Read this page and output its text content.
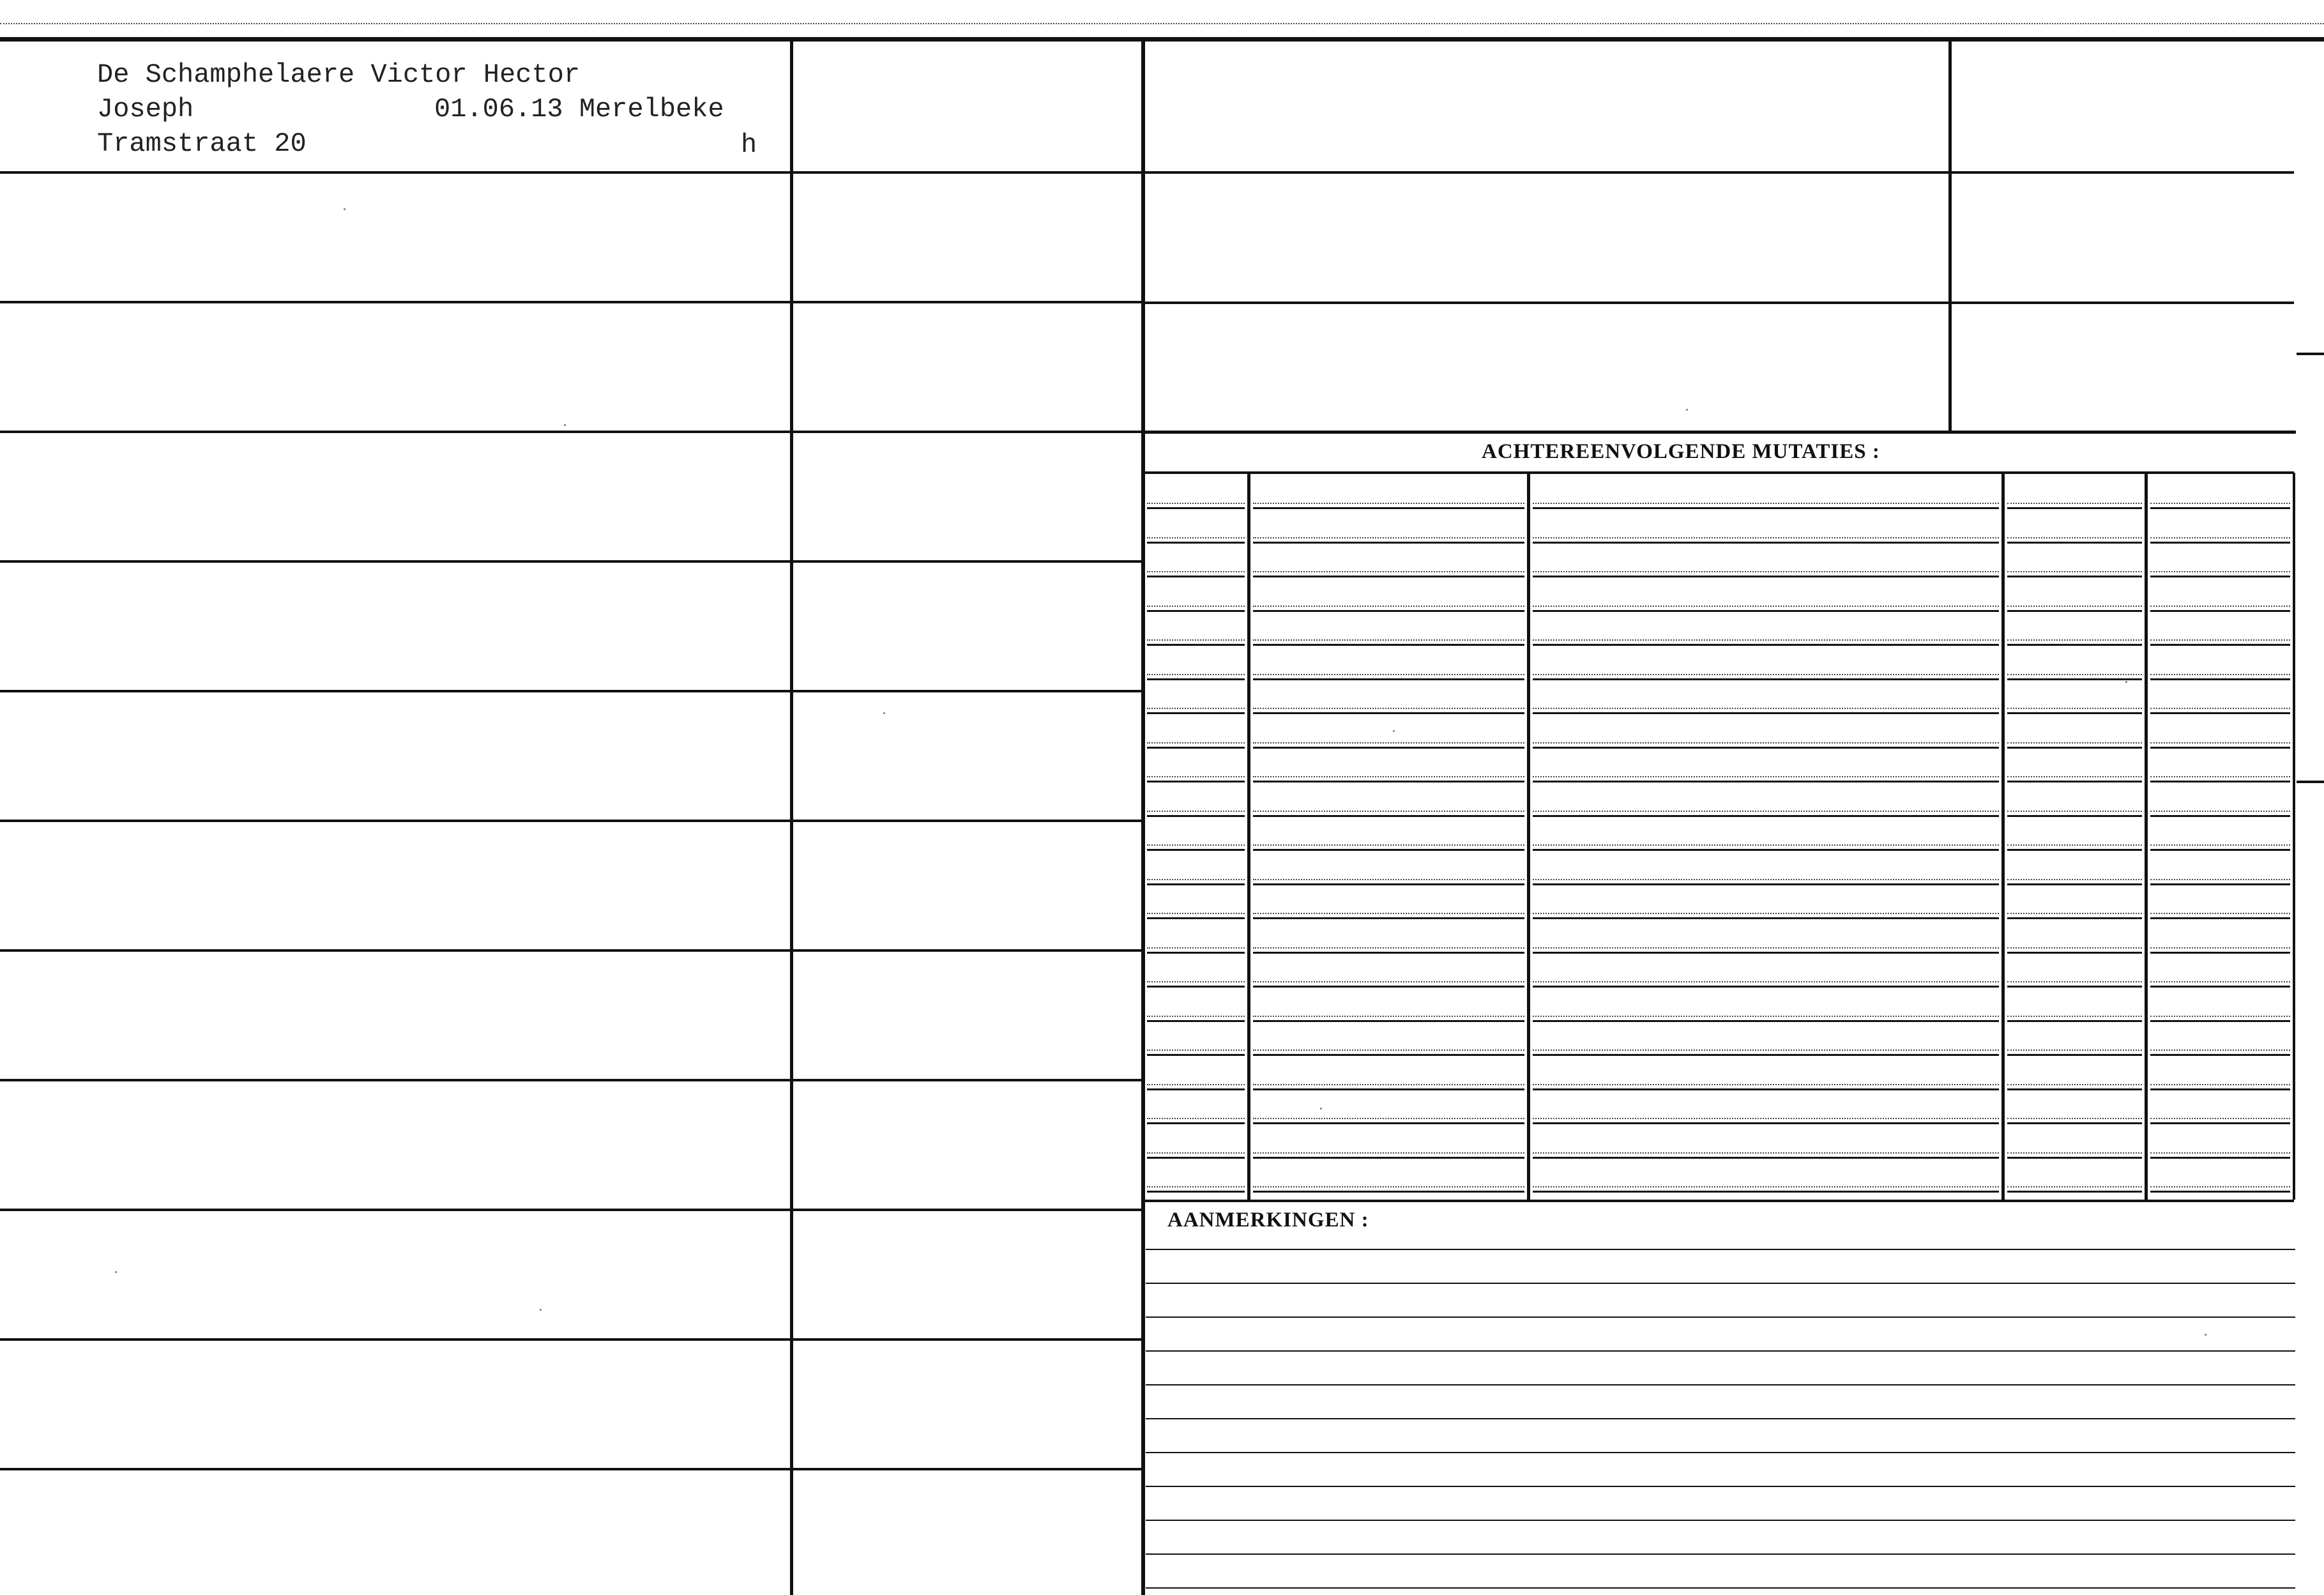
De Schamphelaere Victor Hector
Joseph	01.06.13 Merelbeke
Tramstraat 20	h
ACHTEREENVOLGENDE MUTATIES :
AANMERKINGEN :
